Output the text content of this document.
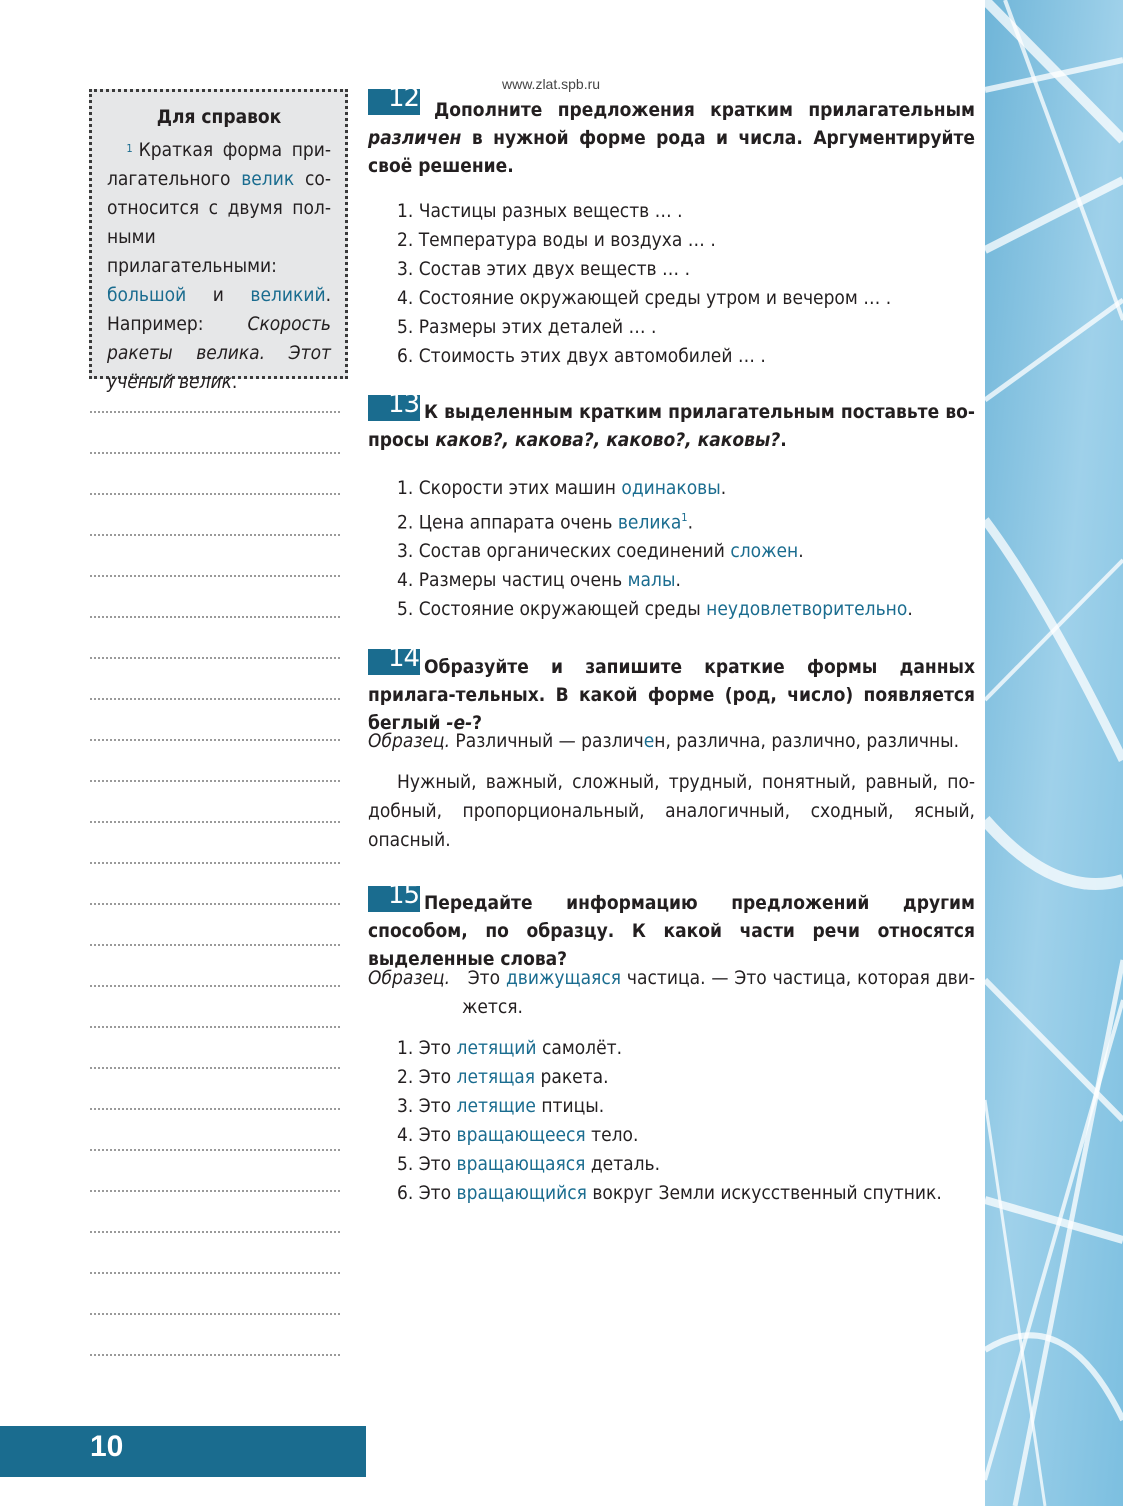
www.zlat.spb.ru
Для справок
$^1$ Краткая форма при-лагательного велик со-относится с двумя пол-ными прилагательными: большой и великий. Например: Скорость ракеты велика. Этот учёный велик.
10
12 Дополните предложения кратким прилагательным различен в нужной форме рода и числа. Аргументируйте своё решение.
1. Частицы разных веществ … .
2. Температура воды и воздуха … .
3. Состав этих двух веществ … .
4. Состояние окружающей среды утром и вечером … .
5. Размеры этих деталей … .
6. Стоимость этих двух автомобилей … .
13 К выделенным кратким прилагательным поставьте во-просы каков?, какова?, каково?, каковы?.
1. Скорости этих машин одинаковы.
2. Цена аппарата очень велика$^1$.
3. Состав органических соединений сложен.
4. Размеры частиц очень малы.
5. Состояние окружающей среды неудовлетворительно.
14 Образуйте и запишите краткие формы данных прилага-тельных. В какой форме (род, число) появляется беглый -е-?
Образец. Различный — различен, различна, различно, различны.
Нужный, важный, сложный, трудный, понятный, равный, по-добный, пропорциональный, аналогичный, сходный, ясный, опасный.
15 Передайте информацию предложений другим способом, по образцу. К какой части речи относятся выделенные слова?
Образец. Это движущаяся частица. — Это частица, которая дви-жется.
1. Это летящий самолёт.
2. Это летящая ракета.
3. Это летящие птицы.
4. Это вращающееся тело.
5. Это вращающаяся деталь.
6. Это вращающийся вокруг Земли искусственный спутник.
